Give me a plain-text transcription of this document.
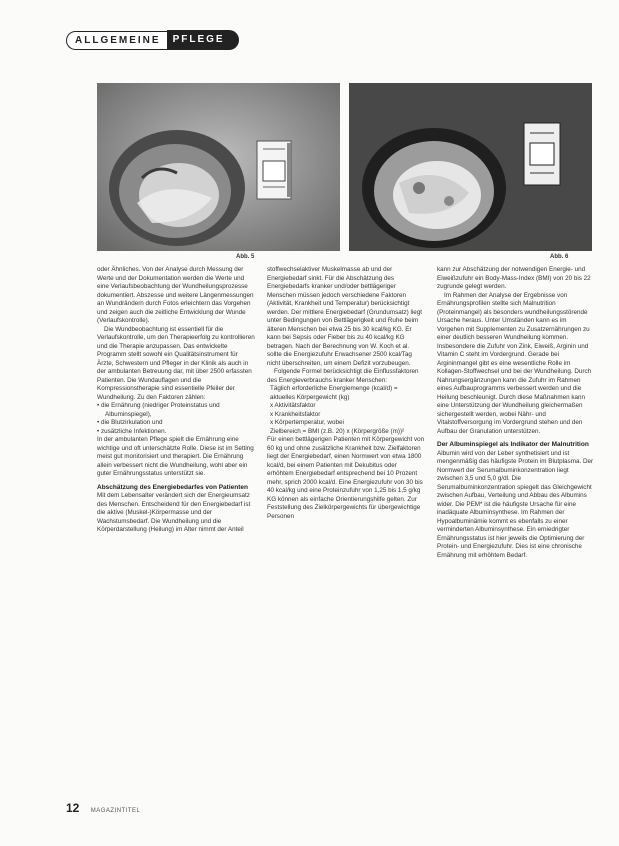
ALLGEMEINE	PFLEGE
Abb. 5	Abb. 6

oder Ähnliches. Von der Analyse durch Messung der Werte und der Dokumentation werden die Werte und eine Verlaufsbeobachtung der Wundheilungsprozesse dokumentiert. Abszesse und weitere Längenmessungen an Wundrändern durch Fotos erleichtern das Vorgehen und zeigen auch die zeitliche Entwicklung der Wunde (Verlaufskontrolle).

Die Wundbeobachtung ist essentiell für die Verlaufskontrolle, um den Therapieerfolg zu kontrollieren und die Therapie anzupassen. Das entwickelte Programm stellt sowohl ein Qualitätsinstrument für Ärzte, Schwestern und Pfleger in der Klinik als auch in der ambulanten Betreuung dar, mit über 2500 erfassten Patienten. Die Wundauflagen und die Kompressionstherapie sind essentielle Pfeiler der Wundheilung. Zu den Faktoren zählen:

• die Ernährung (niedriger Proteinstatus und Albuminspiegel),
• die Blutzirkulation und
• zusätzliche Infektionen.

In der ambulanten Pflege spielt die Ernährung eine wichtige und oft unterschätzte Rolle. Diese ist im Setting meist gut monitorisiert und therapiert. Die Ernährung allein verbessert nicht die Wundheilung, wohl aber ein guter Ernährungsstatus unterstützt sie.

Abschätzung des Energiebedarfes von Patienten

Mit dem Lebensalter verändert sich der Energieumsatz des Menschen. Entscheidend für den Energiebedarf ist die aktive (Muskel-)Körpermasse und der Wachstumsbedarf. Die Wundheilung und die Körperdarstellung (Heilung) im Alter nimmt der Anteil

stoffwechselaktiver Muskelmasse ab und der Energiebedarf sinkt. Für die Abschätzung des Energiebedarfs kranker und/oder bettlägeriger Menschen müssen jedoch verschiedene Faktoren (Aktivität, Krankheit und Temperatur) berücksichtigt werden. Der mittlere Energiebedarf (Grundumsatz) liegt unter Bedingungen von Bettlägerigkeit und Ruhe beim älteren Menschen bei etwa 25 bis 30 kcal/kg KG. Er kann bei Sepsis oder Fieber bis zu 40 kcal/kg KG betragen. Nach der Berechnung von W. Koch et al. sollte die Energiezufuhr Erwachsener 2500 kcal/Tag nicht überschreiten, um einem Defizit vorzubeugen.

Folgende Formel berücksichtigt die Einflussfaktoren des Energieverbrauchs kranker Menschen:

Täglich erforderliche Energiemenge (kcal/d) =
aktuelles Körpergewicht (kg)
x Aktivitätsfaktor
x Krankheitsfaktor
x Körpertemperatur, wobei
Zielbereich = BMI (z.B. 20) x (Körpergröße (m))²

Für einen bettlägerigen Patienten mit Körpergewicht von 60 kg und ohne zusätzliche Krankheit bzw. Zielfaktoren liegt der Energiebedarf, einen Normwert von etwa 1800 kcal/d, bei einem Patienten mit Dekubitus oder erhöhtem Energiebedarf entsprechend bei 10 Prozent mehr, sprich 2000 kcal/d. Eine Energiezufuhr von 30 bis 40 kcal/kg und eine Proteinzufuhr von 1,25 bis 1,5 g/kg KG können als einfache Orientierungshilfe gelten. Zur Feststellung des Zielkörpergewichts für übergewichtige Personen

kann zur Abschätzung der notwendigen Energie- und Eiweißzufuhr ein Body-Mass-Index (BMI) von 20 bis 22 zugrunde gelegt werden.

Im Rahmen der Analyse der Ergebnisse von Ernährungsprofilen stellte sich Malnutrition (Proteinmangel) als besonders wundheilungsstörende Ursache heraus. Unter Umständen kann es im Vorgehen mit Supplementen zu Zusatzernährungen zu einer deutlich besseren Wundheilung kommen. Insbesondere die Zufuhr von Zink, Eiweiß, Arginin und Vitamin C steht im Vordergrund. Gerade bei Argininmangel gibt es eine wesentliche Rolle im Kollagen-Stoffwechsel und bei der Wundheilung. Durch Nahrungsergänzungen kann die Zufuhr im Rahmen eines Aufbauprogramms verbessert werden und die Heilung beschleunigt. Durch diese Maßnahmen kann eine Unterstützung der Wundheilung gleichermaßen sichergestellt werden, wobei Nähr- und Vitalstoffversorgung im Vordergrund stehen und den Aufbau der Granulation unterstützen.

Der Albuminspiegel als Indikator der Malnutrition

Albumin wird von der Leber synthetisiert und ist mengenmäßig das häufigste Protein im Blutplasma. Der Normwert der Serumalbuminkonzentration liegt zwischen 3,5 und 5,0 g/dl. Die Serumalbuminkonzentration spiegelt das Gleichgewicht zwischen Aufbau, Verteilung und Abbau des Albumins wider. Die PEM* ist die häufigste Ursache für eine inadäquate Albuminsynthese. Im Rahmen der Hypoalbuminämie kommt es ebenfalls zu einer verminderten Albuminsynthese. Ein erniedrigter Ernährungsstatus ist hier jeweils die Optimierung der Protein- und Energiezufuhr. Dies ist eine chronische Ernährung mit erhöhtem Bedarf.

12 MAGAZINTITEL
